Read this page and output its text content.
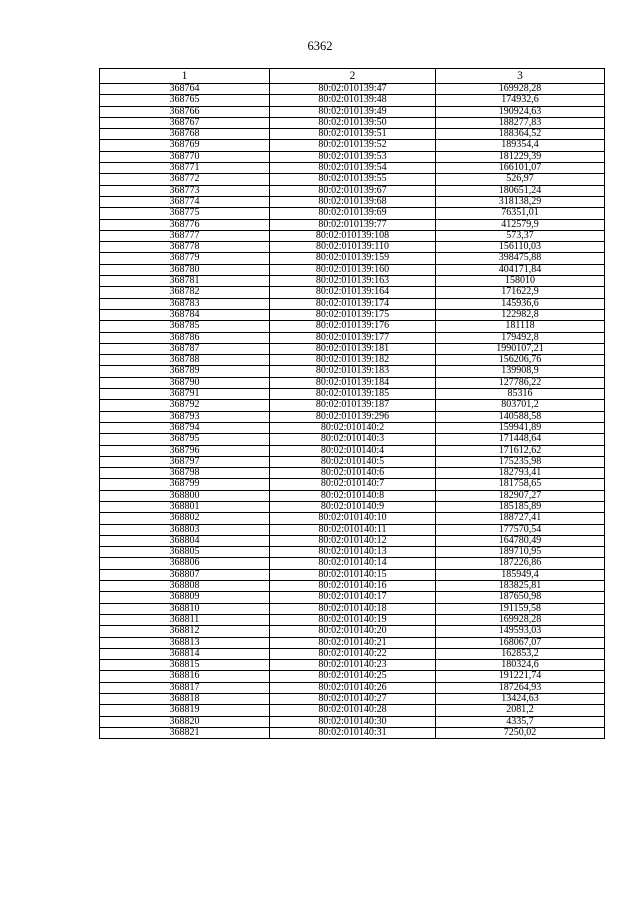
6362
1	2	3
368764	80:02:010139:47	169928,28
368765	80:02:010139:48	174932,6
368766	80:02:010139:49	190924,63
368767	80:02:010139:50	188277,83
368768	80:02:010139:51	188364,52
368769	80:02:010139:52	189354,4
368770	80:02:010139:53	181229,39
368771	80:02:010139:54	166101,07
368772	80:02:010139:55	526,97
368773	80:02:010139:67	180651,24
368774	80:02:010139:68	318138,29
368775	80:02:010139:69	76351,01
368776	80:02:010139:77	412579,9
368777	80:02:010139:108	573,37
368778	80:02:010139:110	156110,03
368779	80:02:010139:159	398475,88
368780	80:02:010139:160	404171,84
368781	80:02:010139:163	158010
368782	80:02:010139:164	171622,9
368783	80:02:010139:174	145936,6
368784	80:02:010139:175	122982,8
368785	80:02:010139:176	181118
368786	80:02:010139:177	179492,8
368787	80:02:010139:181	1990107,21
368788	80:02:010139:182	156206,76
368789	80:02:010139:183	139908,9
368790	80:02:010139:184	127786,22
368791	80:02:010139:185	85316
368792	80:02:010139:187	803701,2
368793	80:02:010139:296	140588,58
368794	80:02:010140:2	159941,89
368795	80:02:010140:3	171448,64
368796	80:02:010140:4	171612,62
368797	80:02:010140:5	175235,98
368798	80:02:010140:6	182793,41
368799	80:02:010140:7	181758,65
368800	80:02:010140:8	182907,27
368801	80:02:010140:9	185185,89
368802	80:02:010140:10	188727,41
368803	80:02:010140:11	177570,54
368804	80:02:010140:12	164780,49
368805	80:02:010140:13	189710,95
368806	80:02:010140:14	187226,86
368807	80:02:010140:15	185949,4
368808	80:02:010140:16	183825,81
368809	80:02:010140:17	187650,98
368810	80:02:010140:18	191159,58
368811	80:02:010140:19	169928,28
368812	80:02:010140:20	149593,03
368813	80:02:010140:21	168067,07
368814	80:02:010140:22	162853,2
368815	80:02:010140:23	180324,6
368816	80:02:010140:25	191221,74
368817	80:02:010140:26	187264,93
368818	80:02:010140:27	13424,63
368819	80:02:010140:28	2081,2
368820	80:02:010140:30	4335,7
368821	80:02:010140:31	7250,02
